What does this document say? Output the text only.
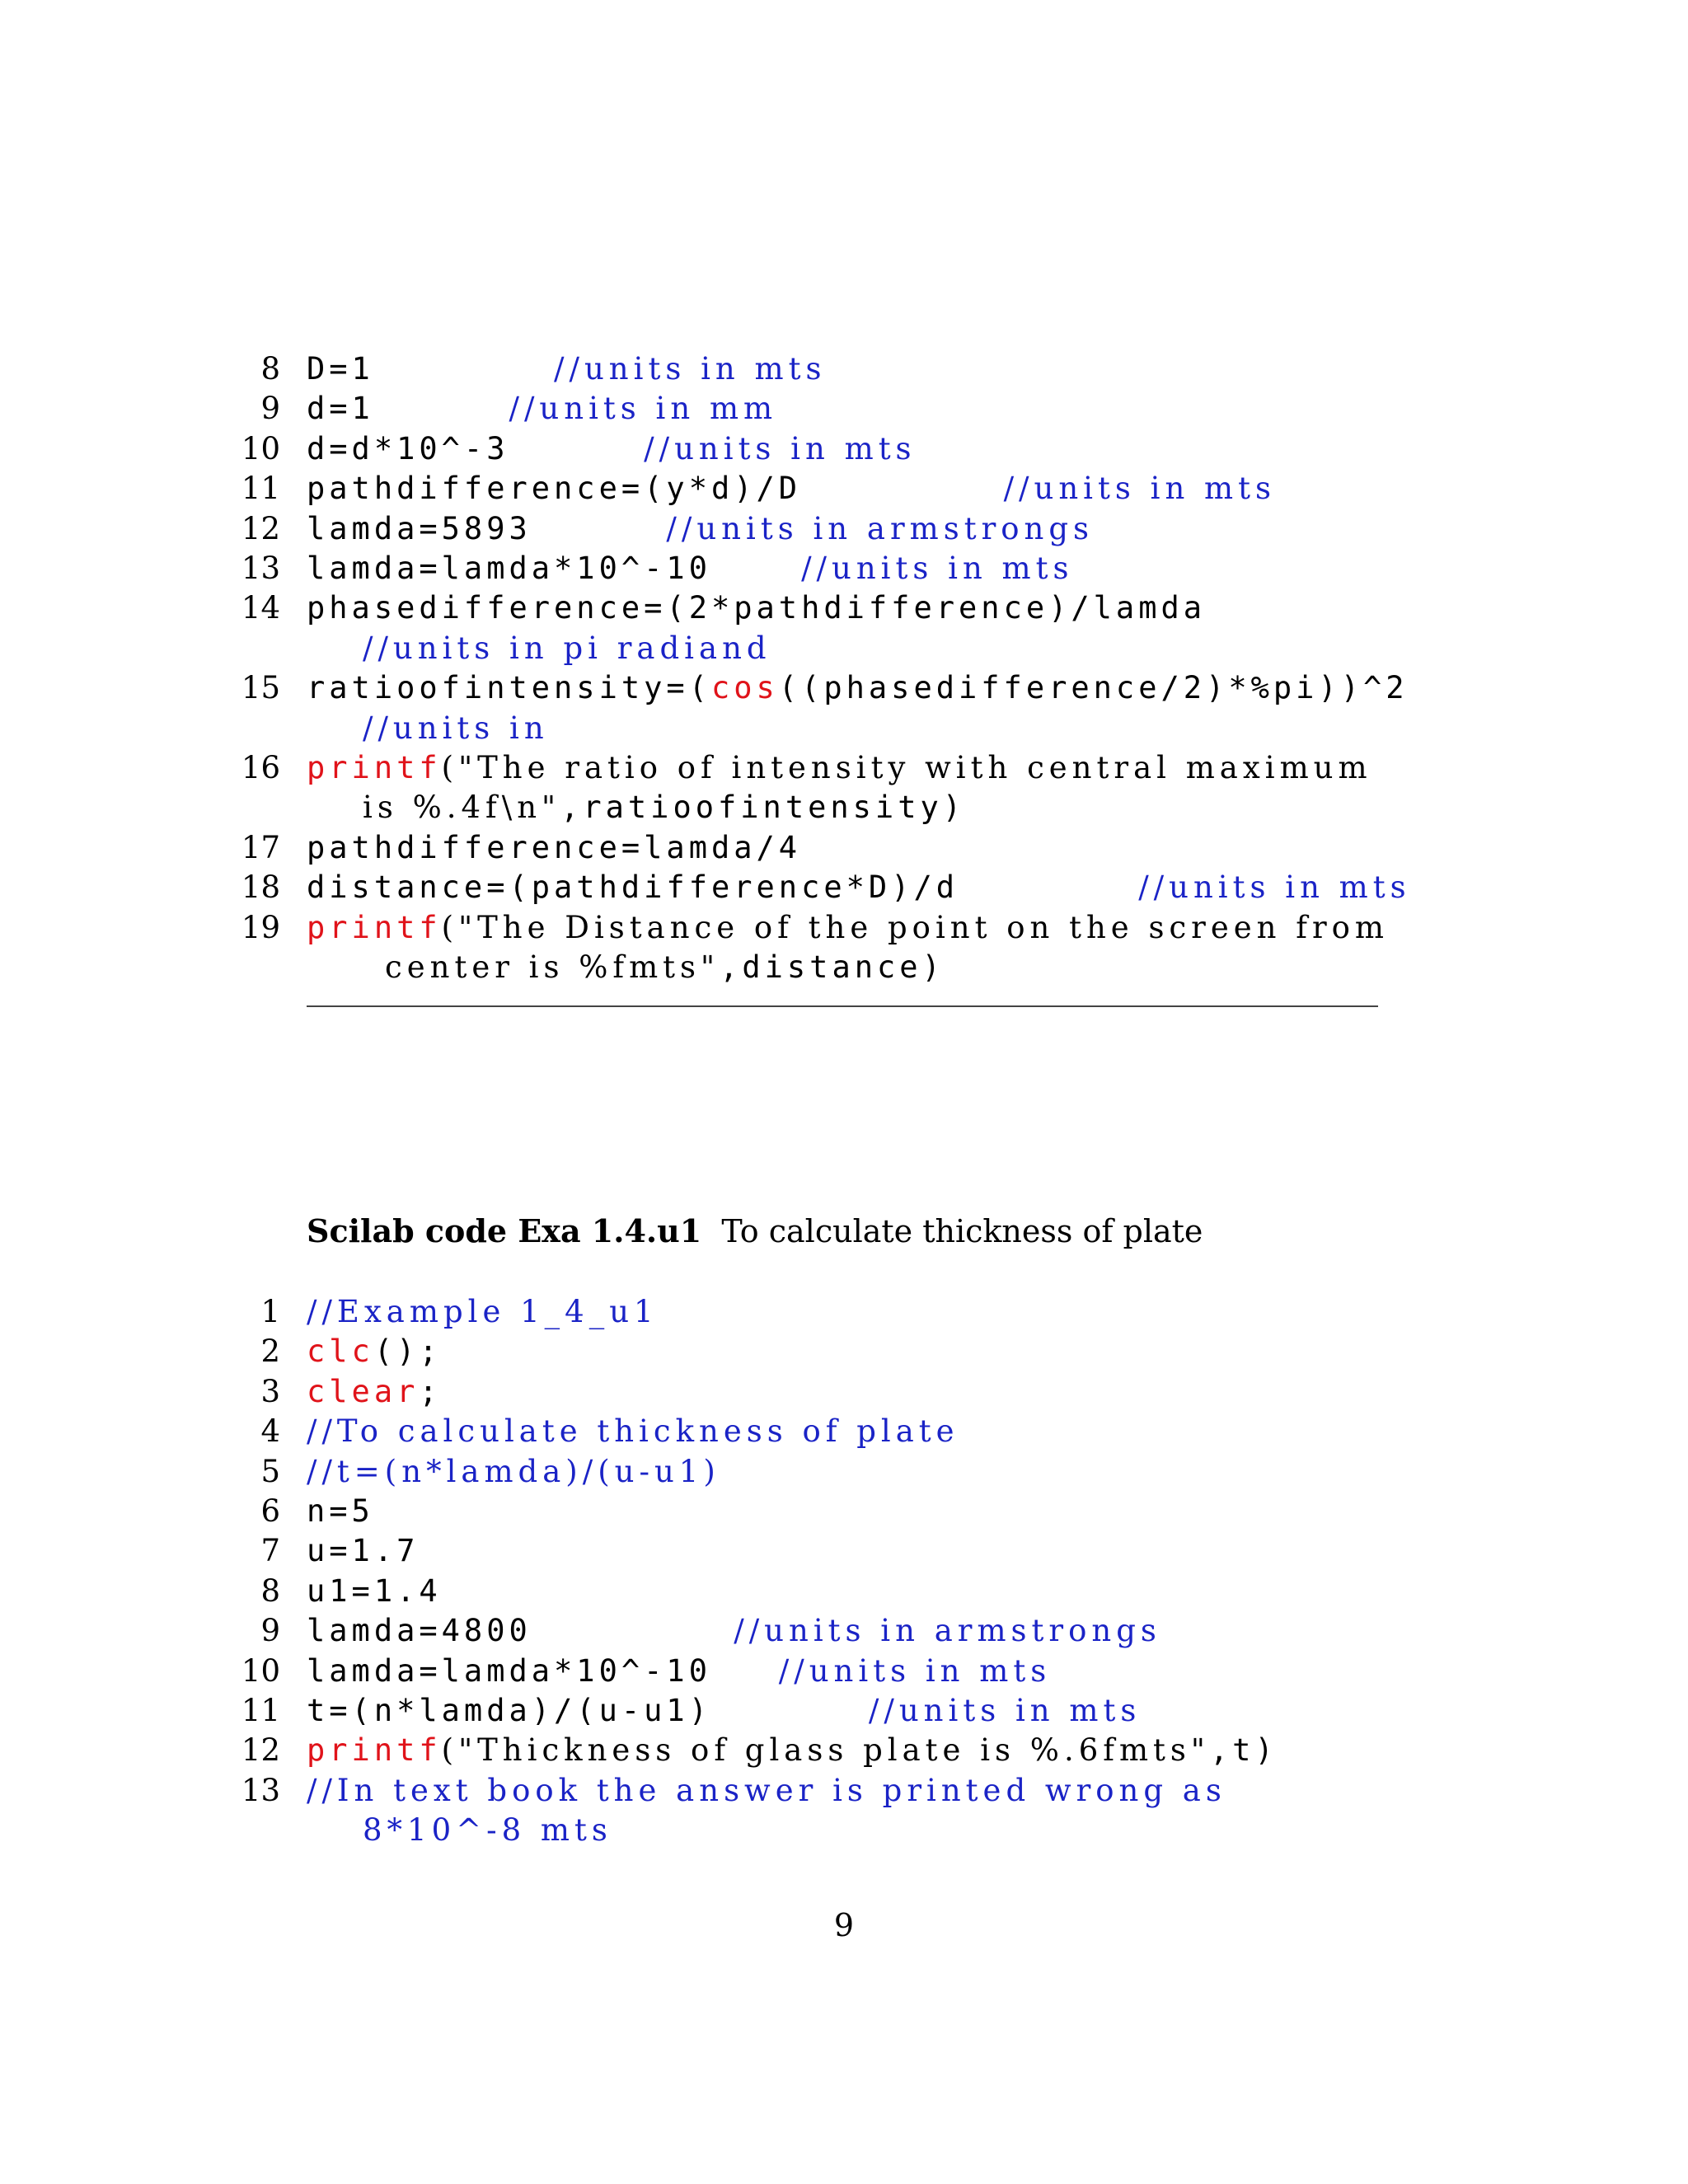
8 D=1        //units in mts
9 d=1      //units in mm
10 d=d*10^-3      //units in mts
11 pathdifference=(y*d)/D         //units in mts
12 lamda=5893      //units in armstrongs
13 lamda=lamda*10^-10    //units in mts
14 phasedifference=(2*pathdifference)/lamda
//units in pi radiand
15 ratioofintensity=(cos((phasedifference/2)*%pi))^2
//units in
16 printf("The ratio of intensity with central maximum
is %.4f\n",ratioofintensity)
17 pathdifference=lamda/4
18 distance=(pathdifference*D)/d        //units in mts
19 printf("The Distance of the point on the screen from
center is %fmts",distance)
Scilab code Exa 1.4.u1  To calculate thickness of plate
1 //Example 1_4_u1
2 clc();
3 clear;
4 //To calculate thickness of plate
5 //t=(n*lamda)/(u-u1)
6 n=5
7 u=1.7
8 u1=1.4
9 lamda=4800         //units in armstrongs
10 lamda=lamda*10^-10   //units in mts
11 t=(n*lamda)/(u-u1)       //units in mts
12 printf("Thickness of glass plate is %.6fmts",t)
13 //In text book the answer is printed wrong as
8*10^-8 mts
9
